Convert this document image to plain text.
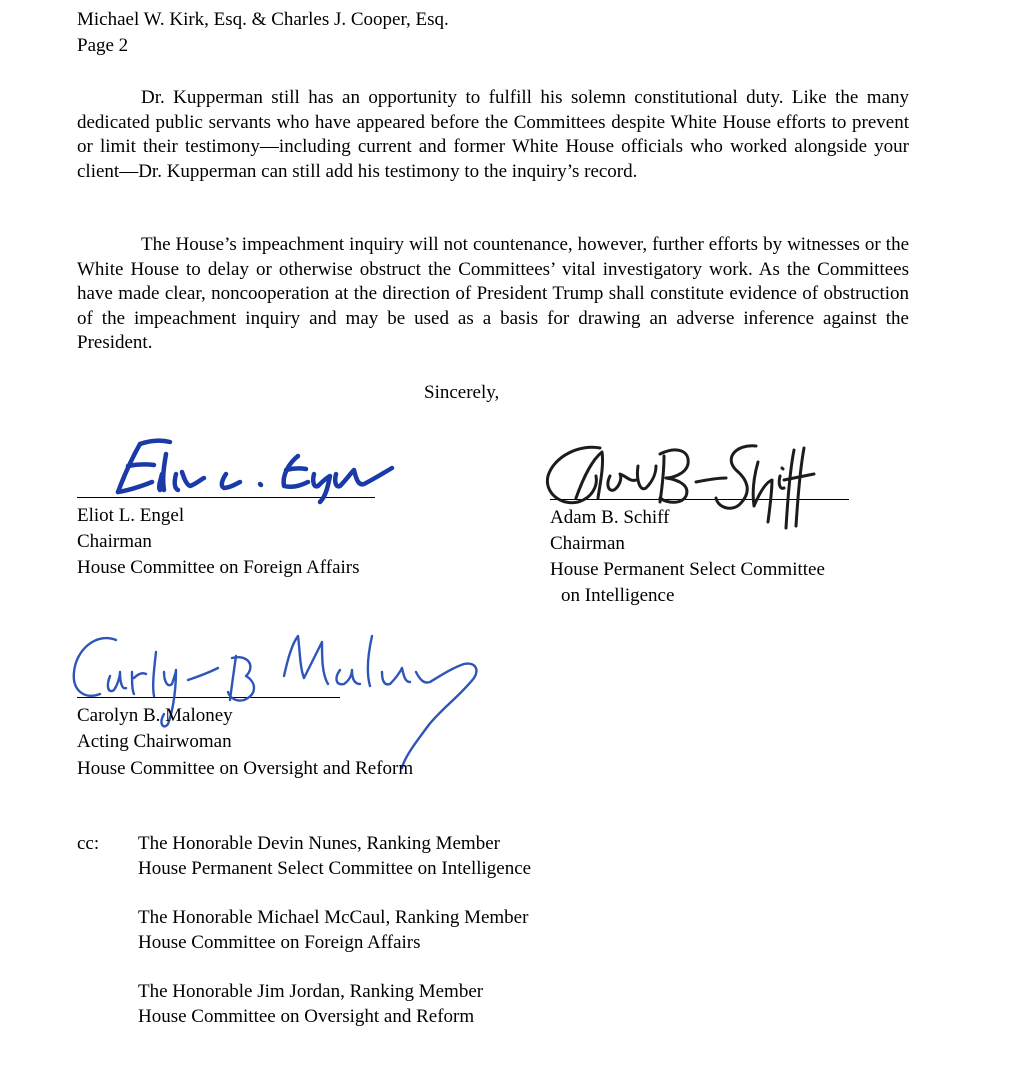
Michael W. Kirk, Esq. & Charles J. Cooper, Esq.
Page 2

Dr. Kupperman still has an opportunity to fulfill his solemn constitutional duty. Like the many dedicated public servants who have appeared before the Committees despite White House efforts to prevent or limit their testimony—including current and former White House officials who worked alongside your client—Dr. Kupperman can still add his testimony to the inquiry’s record.

The House’s impeachment inquiry will not countenance, however, further efforts by witnesses or the White House to delay or otherwise obstruct the Committees’ vital investigatory work. As the Committees have made clear, noncooperation at the direction of President Trump shall constitute evidence of obstruction of the impeachment inquiry and may be used as a basis for drawing an adverse inference against the President.

Sincerely,
Eliot L. Engel
Chairman
House Committee on Foreign Affairs
Adam B. Schiff
Chairman
House Permanent Select Committee
on Intelligence
Carolyn B. Maloney
Acting Chairwoman
House Committee on Oversight and Reform
cc: The Honorable Devin Nunes, Ranking Member
House Permanent Select Committee on Intelligence
The Honorable Michael McCaul, Ranking Member
House Committee on Foreign Affairs
The Honorable Jim Jordan, Ranking Member
House Committee on Oversight and Reform
